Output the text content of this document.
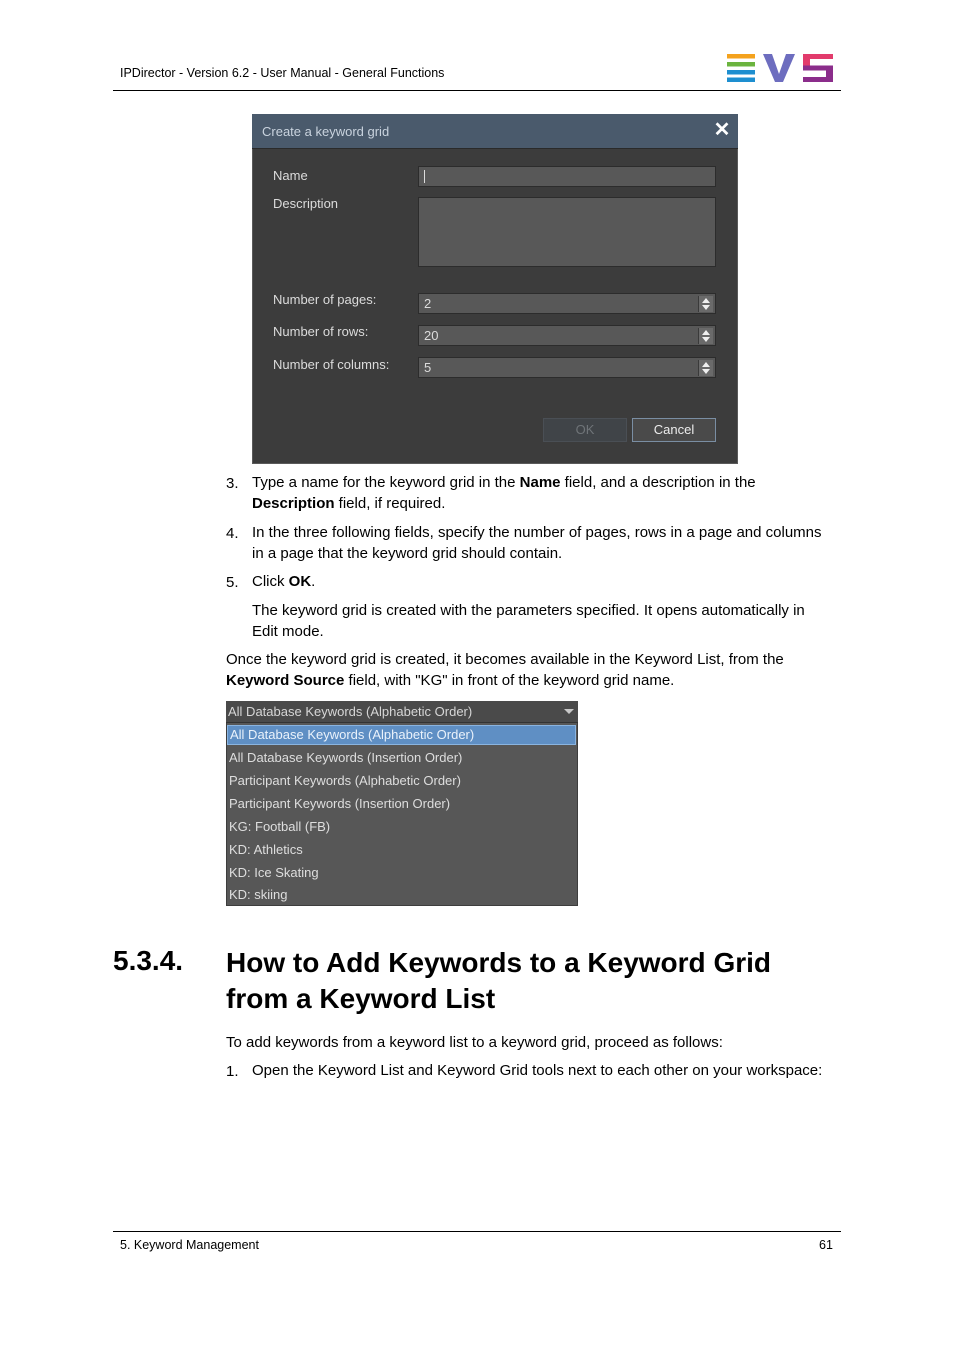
IPDirector - Version 6.2 - User Manual - General Functions
Create a keyword grid	✕
Name
Description
Number of pages:	2
Number of rows:	20
Number of columns:	5
OK	Cancel
3. Type a name for the keyword grid in the Name field, and a description in the
Description field, if required.
4. In the three following fields, specify the number of pages, rows in a page and columns
in a page that the keyword grid should contain.
5. Click OK.
The keyword grid is created with the parameters specified. It opens automatically in
Edit mode.
Once the keyword grid is created, it becomes available in the Keyword List, from the
Keyword Source field, with "KG" in front of the keyword grid name.
All Database Keywords (Alphabetic Order)
All Database Keywords (Alphabetic Order)
All Database Keywords (Insertion Order)
Participant Keywords (Alphabetic Order)
Participant Keywords (Insertion Order)
KG: Football (FB)
KD: Athletics
KD: Ice Skating
KD: skiing
5.3.4. How to Add Keywords to a Keyword Grid
from a Keyword List
To add keywords from a keyword list to a keyword grid, proceed as follows:
1. Open the Keyword List and Keyword Grid tools next to each other on your workspace:
5. Keyword Management	61
